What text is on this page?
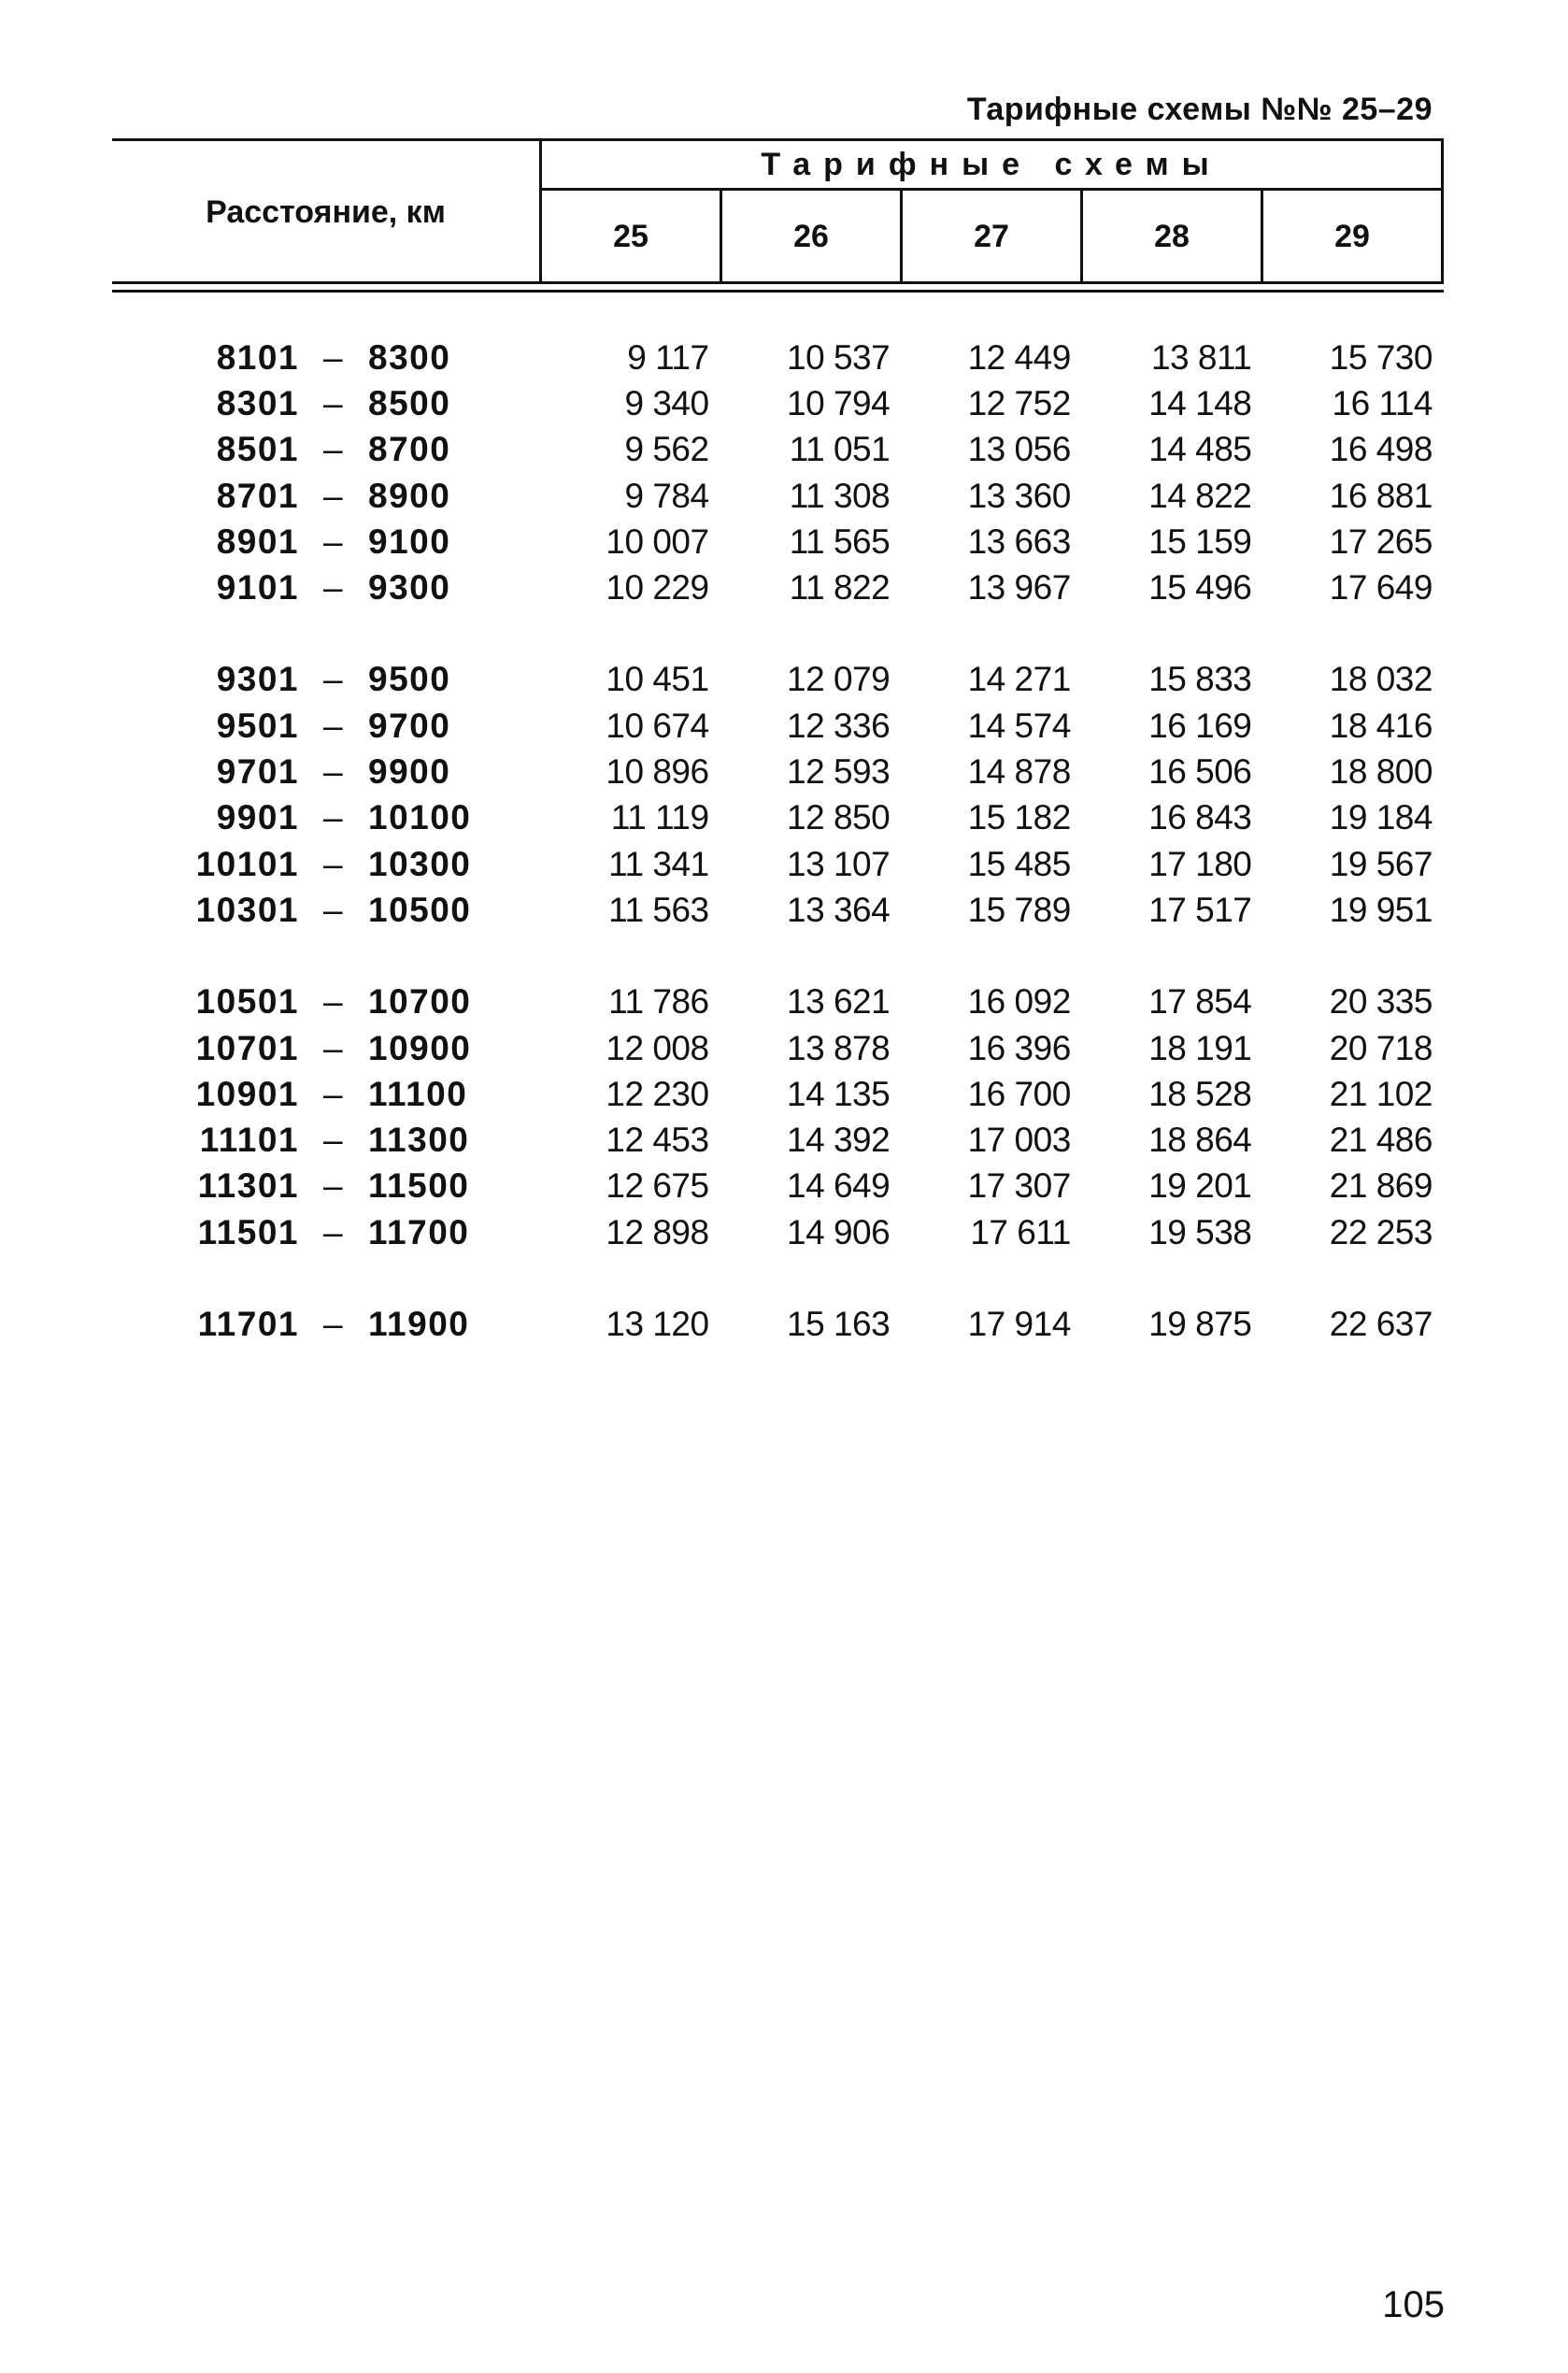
Тарифные схемы №№ 25–29
Расстояние, км
Тарифные схемы
25	26	27	28	29
8101 – 8300	9 117	10 537	12 449	13 811	15 730
8301 – 8500	9 340	10 794	12 752	14 148	16 114
8501 – 8700	9 562	11 051	13 056	14 485	16 498
8701 – 8900	9 784	11 308	13 360	14 822	16 881
8901 – 9100	10 007	11 565	13 663	15 159	17 265
9101 – 9300	10 229	11 822	13 967	15 496	17 649
9301 – 9500	10 451	12 079	14 271	15 833	18 032
9501 – 9700	10 674	12 336	14 574	16 169	18 416
9701 – 9900	10 896	12 593	14 878	16 506	18 800
9901 – 10100	11 119	12 850	15 182	16 843	19 184
10101 – 10300	11 341	13 107	15 485	17 180	19 567
10301 – 10500	11 563	13 364	15 789	17 517	19 951
10501 – 10700	11 786	13 621	16 092	17 854	20 335
10701 – 10900	12 008	13 878	16 396	18 191	20 718
10901 – 11100	12 230	14 135	16 700	18 528	21 102
11101 – 11300	12 453	14 392	17 003	18 864	21 486
11301 – 11500	12 675	14 649	17 307	19 201	21 869
11501 – 11700	12 898	14 906	17 611	19 538	22 253
11701 – 11900	13 120	15 163	17 914	19 875	22 637
105
